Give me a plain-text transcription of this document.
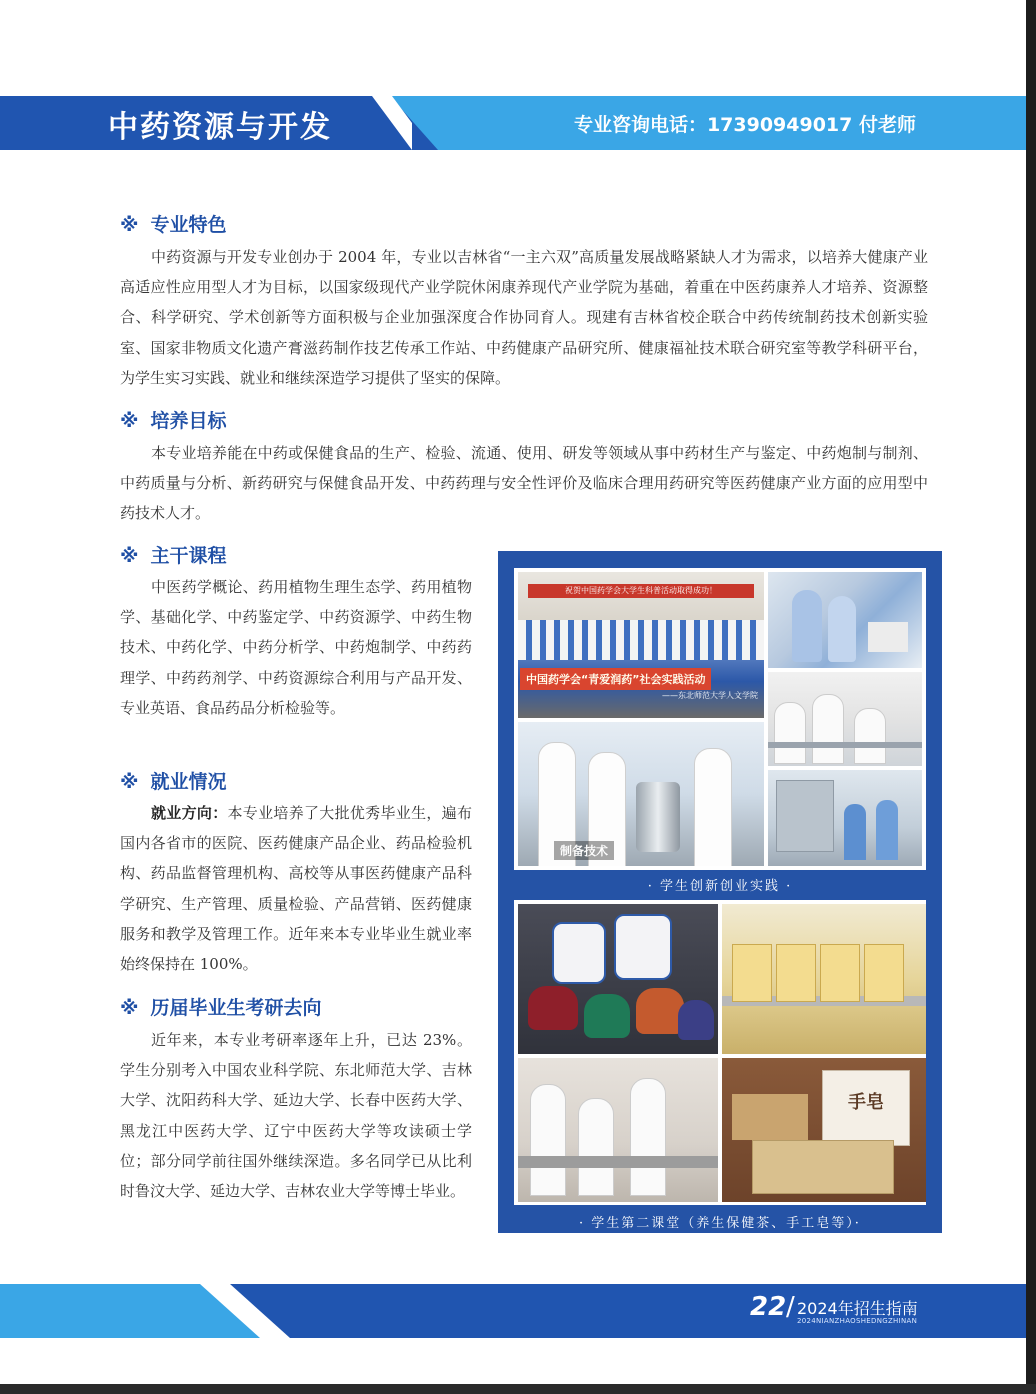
中药资源与开发	专业咨询电话：17390949017 付老师
※ 专业特色
中药资源与开发专业创办于 2004 年，专业以吉林省“一主六双”高质量发展战略紧缺人才为需求，以培养大健康产业高适应性应用型人才为目标，以国家级现代产业学院休闲康养现代产业学院为基础，着重在中医药康养人才培养、资源整合、科学研究、学术创新等方面积极与企业加强深度合作协同育人。现建有吉林省校企联合中药传统制药技术创新实验室、国家非物质文化遗产膏滋药制作技艺传承工作站、中药健康产品研究所、健康福祉技术联合研究室等教学科研平台，为学生实习实践、就业和继续深造学习提供了坚实的保障。
※ 培养目标
本专业培养能在中药或保健食品的生产、检验、流通、使用、研发等领域从事中药材生产与鉴定、中药炮制与制剂、中药质量与分析、新药研究与保健食品开发、中药药理与安全性评价及临床合理用药研究等医药健康产业方面的应用型中药技术人才。
※ 主干课程
中医药学概论、药用植物生理生态学、药用植物学、基础化学、中药鉴定学、中药资源学、中药生物技术、中药化学、中药分析学、中药炮制学、中药药理学、中药药剂学、中药资源综合利用与产品开发、专业英语、食品药品分析检验等。
※ 就业情况
就业方向：本专业培养了大批优秀毕业生，遍布国内各省市的医院、医药健康产品企业、药品检验机构、药品监督管理机构、高校等从事医药健康产品科学研究、生产管理、质量检验、产品营销、医药健康服务和教学及管理工作。近年来本专业毕业生就业率始终保持在 100%。
※ 历届毕业生考研去向
近年来，本专业考研率逐年上升，已达 23%。学生分别考入中国农业科学院、东北师范大学、吉林大学、沈阳药科大学、延边大学、长春中医药大学、黑龙江中医药大学、辽宁中医药大学等攻读硕士学位；部分同学前往国外继续深造。多名同学已从比利时鲁汶大学、延边大学、吉林农业大学等博士毕业。
祝贺中国药学会大学生科普活动取得成功！
中国药学会“青爱润药”社会实践活动
——东北师范大学人文学院
制备技术
· 学生创新创业实践 ·
手皂
· 学生第二课堂（养生保健茶、手工皂等）·
22 / 2024年招生指南
2024NIANZHAOSHEDNGZHINAN
